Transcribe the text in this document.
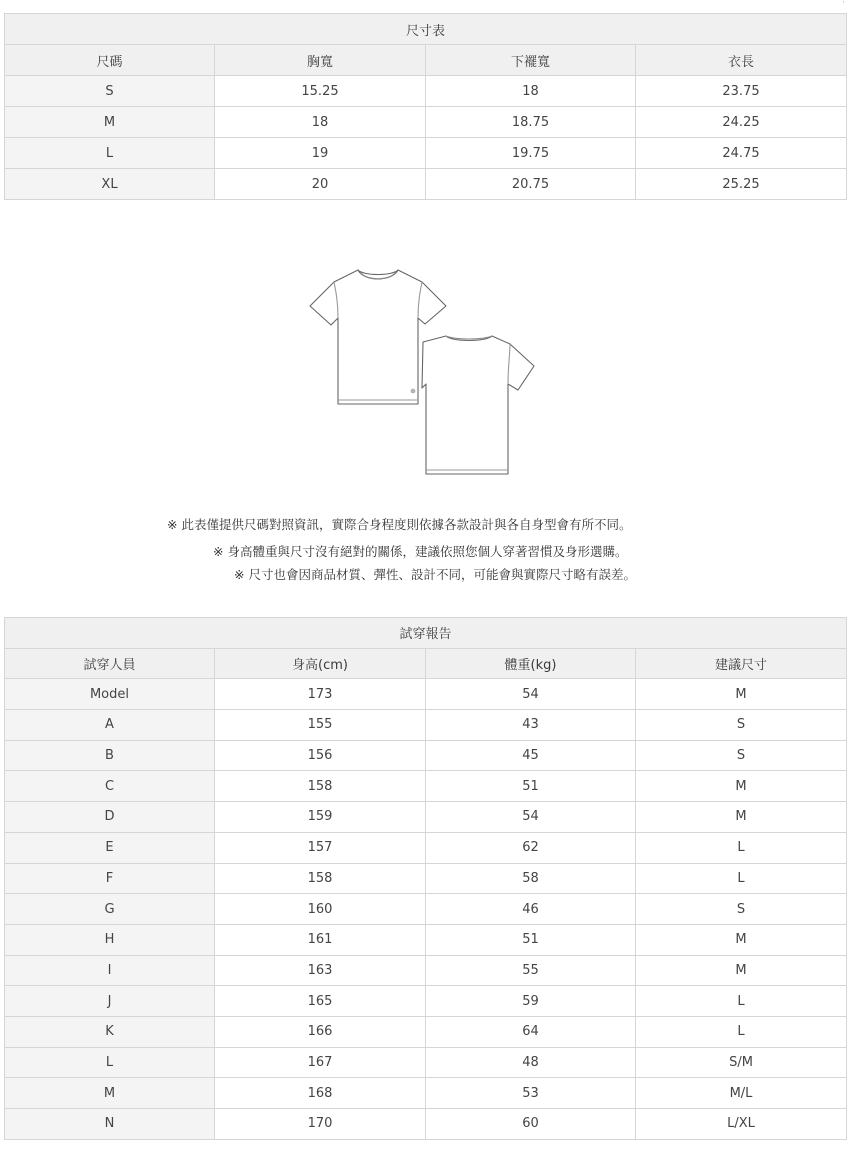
·
尺寸表			
尺碼	胸寬	下襬寬	衣長
S	15.25	18	23.75
M	18	18.75	24.25
L	19	19.75	24.75
XL	20	20.75	25.25
※ 此表僅提供尺碼對照資訊，實際合身程度則依據各款設計與各自身型會有所不同。
※ 身高體重與尺寸沒有絕對的關係，建議依照您個人穿著習慣及身形選購。
※ 尺寸也會因商品材質、彈性、設計不同，可能會與實際尺寸略有誤差。
試穿報告			
試穿人員	身高(cm)	體重(kg)	建議尺寸
Model	173	54	M
A	155	43	S
B	156	45	S
C	158	51	M
D	159	54	M
E	157	62	L
F	158	58	L
G	160	46	S
H	161	51	M
I	163	55	M
J	165	59	L
K	166	64	L
L	167	48	S/M
M	168	53	M/L
N	170	60	L/XL
